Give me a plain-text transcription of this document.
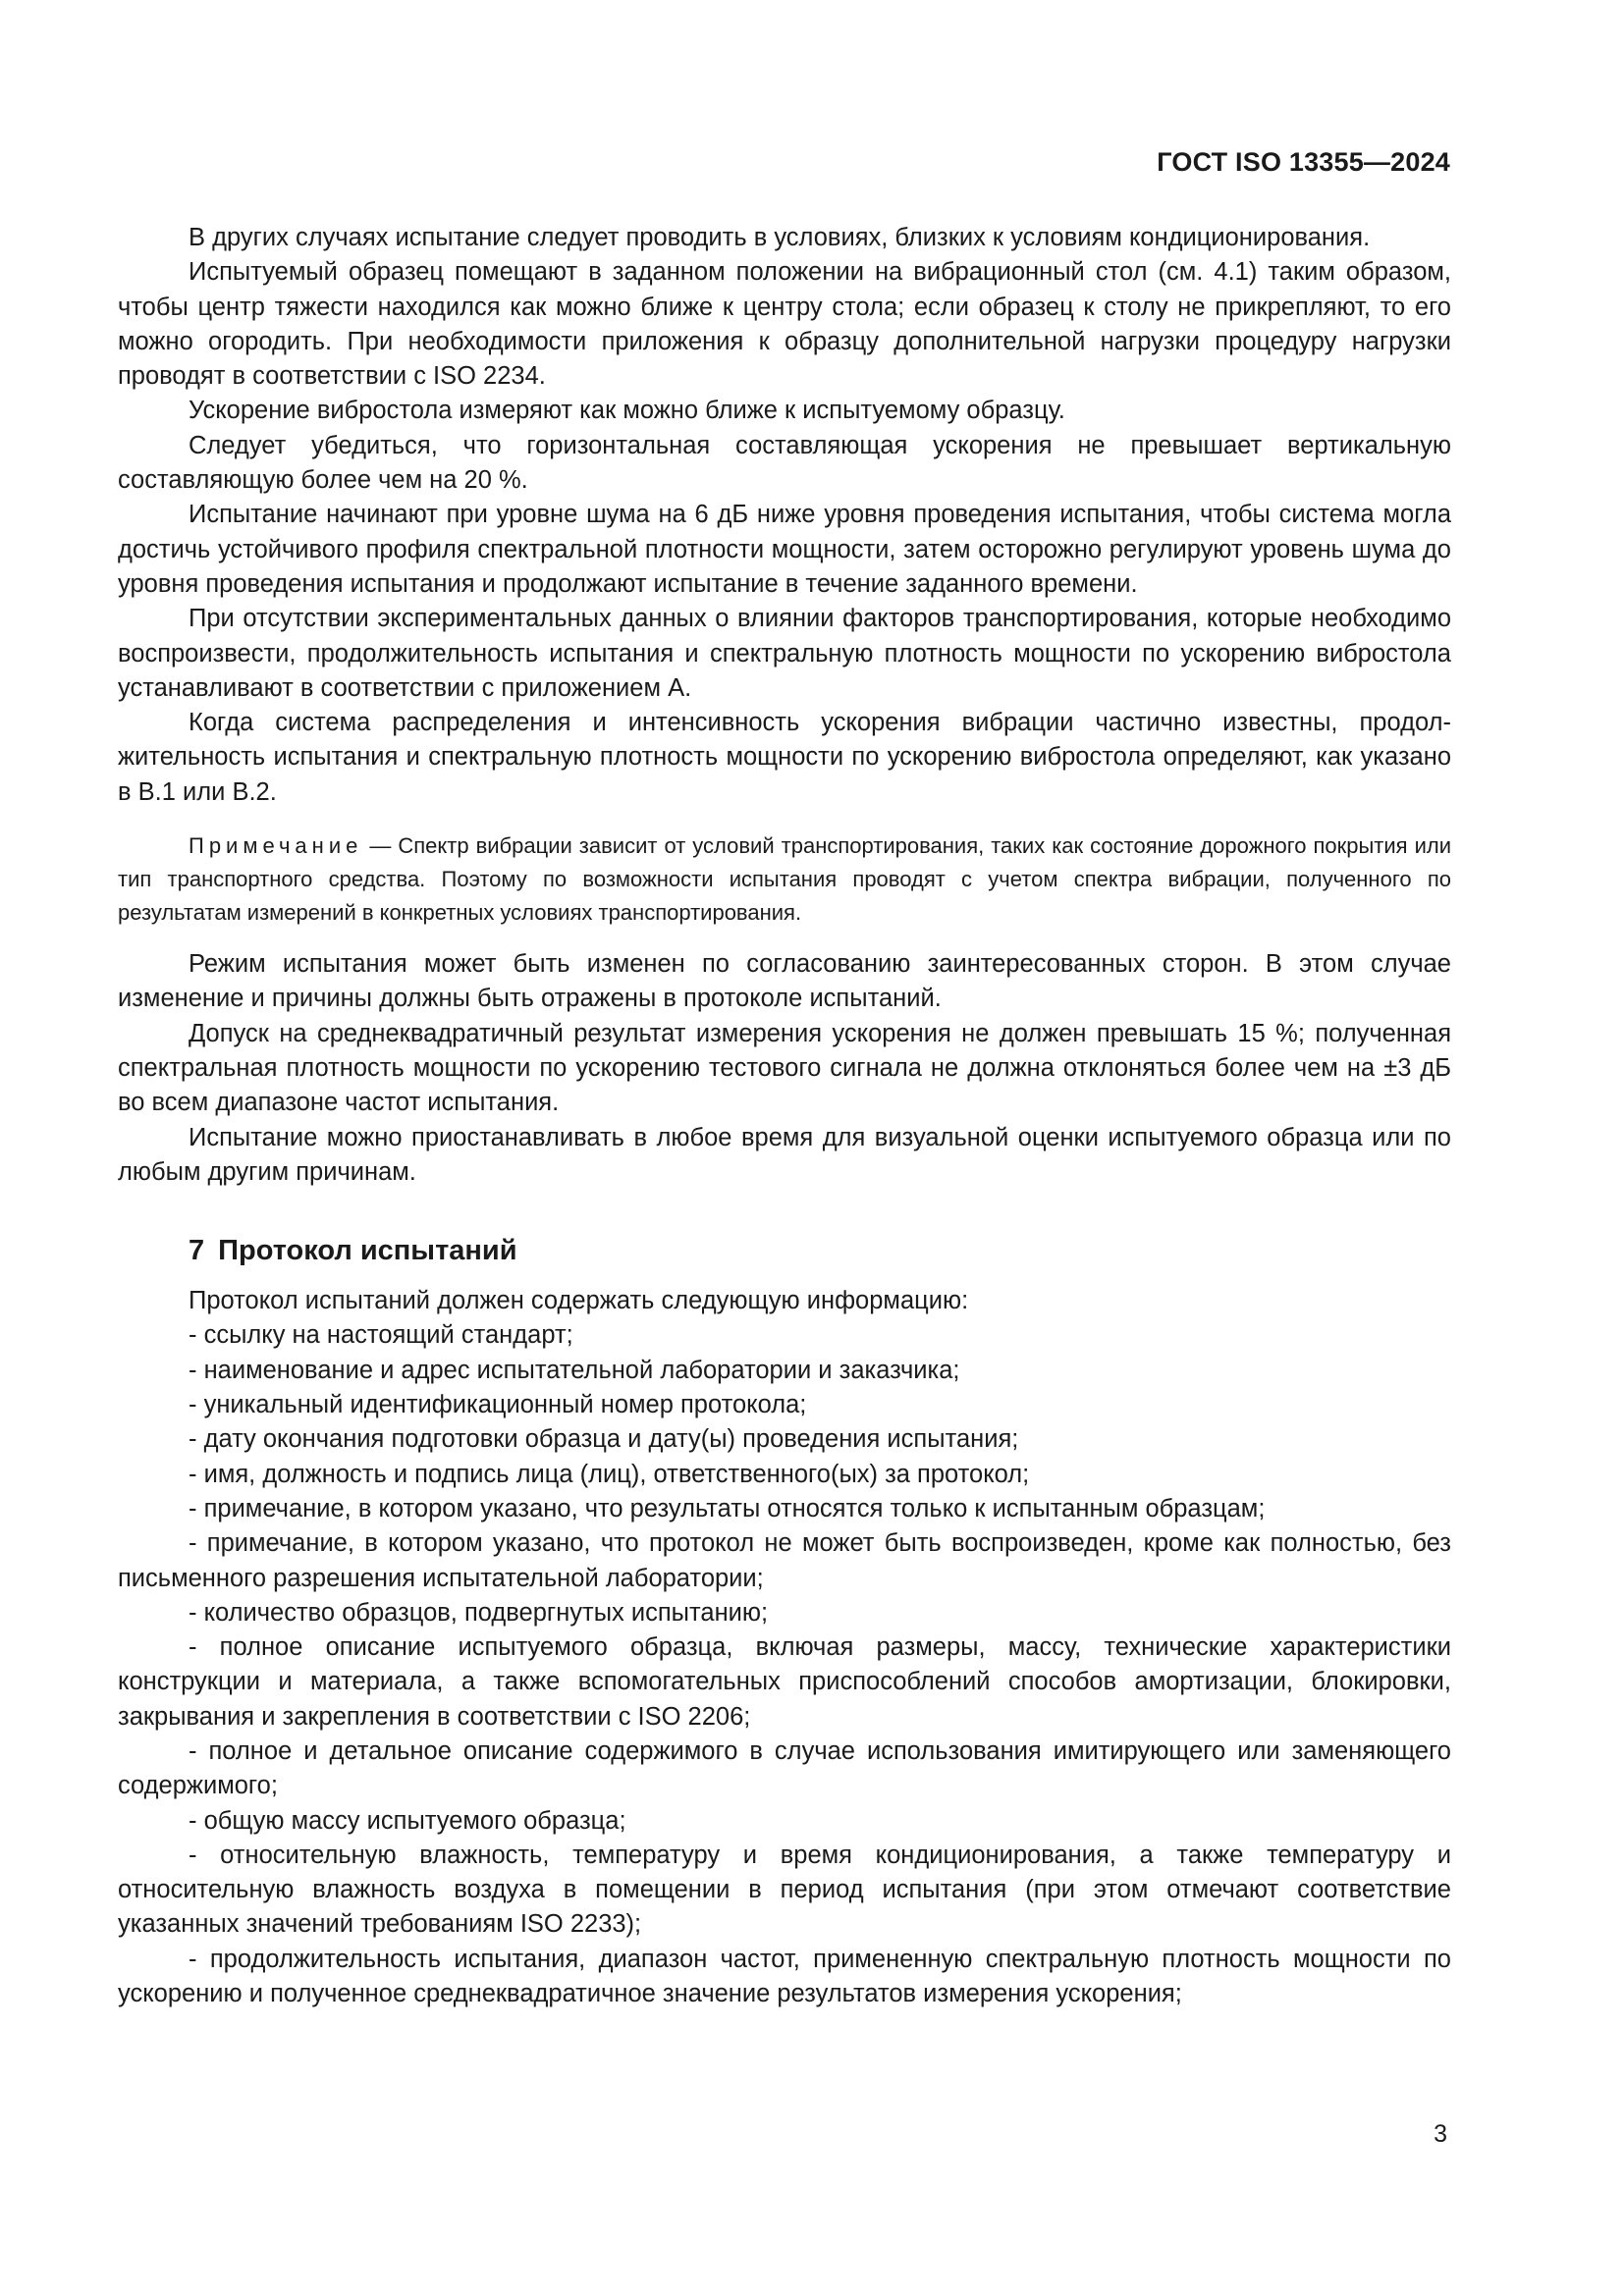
ГОСТ ISO 13355—2024

В других случаях испытание следует проводить в условиях, близких к условиям кондиционирования.

Испытуемый образец помещают в заданном положении на вибрационный стол (см. 4.1) таким образом, чтобы центр тяжести находился как можно ближе к центру стола; если образец к столу не прикрепляют, то его можно огородить. При необходимости приложения к образцу дополнительной нагрузки процедуру нагрузки проводят в соответствии с ISO 2234.

Ускорение вибростола измеряют как можно ближе к испытуемому образцу.

Следует убедиться, что горизонтальная составляющая ускорения не превышает вертикальную составляющую более чем на 20 %.

Испытание начинают при уровне шума на 6 дБ ниже уровня проведения испытания, чтобы система могла достичь устойчивого профиля спектральной плотности мощности, затем осторожно регулируют уровень шума до уровня проведения испытания и продолжают испытание в течение заданного времени.

При отсутствии экспериментальных данных о влиянии факторов транспортирования, которые необходимо воспроизвести, продолжительность испытания и спектральную плотность мощности по ускорению вибростола устанавливают в соответствии с приложением А.

Когда система распределения и интенсивность ускорения вибрации частично известны, продолжительность испытания и спектральную плотность мощности по ускорению вибростола определяют, как указано в В.1 или В.2.

Примечание — Спектр вибрации зависит от условий транспортирования, таких как состояние дорожного покрытия или тип транспортного средства. Поэтому по возможности испытания проводят с учетом спектра вибрации, полученного по результатам измерений в конкретных условиях транспортирования.

Режим испытания может быть изменен по согласованию заинтересованных сторон. В этом случае изменение и причины должны быть отражены в протоколе испытаний.

Допуск на среднеквадратичный результат измерения ускорения не должен превышать 15 %; полученная спектральная плотность мощности по ускорению тестового сигнала не должна отклоняться более чем на ±3 дБ во всем диапазоне частот испытания.

Испытание можно приостанавливать в любое время для визуальной оценки испытуемого образца или по любым другим причинам.

7 Протокол испытаний

Протокол испытаний должен содержать следующую информацию:

- ссылку на настоящий стандарт;

- наименование и адрес испытательной лаборатории и заказчика;

- уникальный идентификационный номер протокола;

- дату окончания подготовки образца и дату(ы) проведения испытания;

- имя, должность и подпись лица (лиц), ответственного(ых) за протокол;

- примечание, в котором указано, что результаты относятся только к испытанным образцам;

- примечание, в котором указано, что протокол не может быть воспроизведен, кроме как полностью, без письменного разрешения испытательной лаборатории;

- количество образцов, подвергнутых испытанию;

- полное описание испытуемого образца, включая размеры, массу, технические характеристики конструкции и материала, а также вспомогательных приспособлений способов амортизации, блокировки, закрывания и закрепления в соответствии с ISO 2206;

- полное и детальное описание содержимого в случае использования имитирующего или заменяющего содержимого;

- общую массу испытуемого образца;

- относительную влажность, температуру и время кондиционирования, а также температуру и относительную влажность воздуха в помещении в период испытания (при этом отмечают соответствие указанных значений требованиям ISO 2233);

- продолжительность испытания, диапазон частот, примененную спектральную плотность мощности по ускорению и полученное среднеквадратичное значение результатов измерения ускорения;

3
